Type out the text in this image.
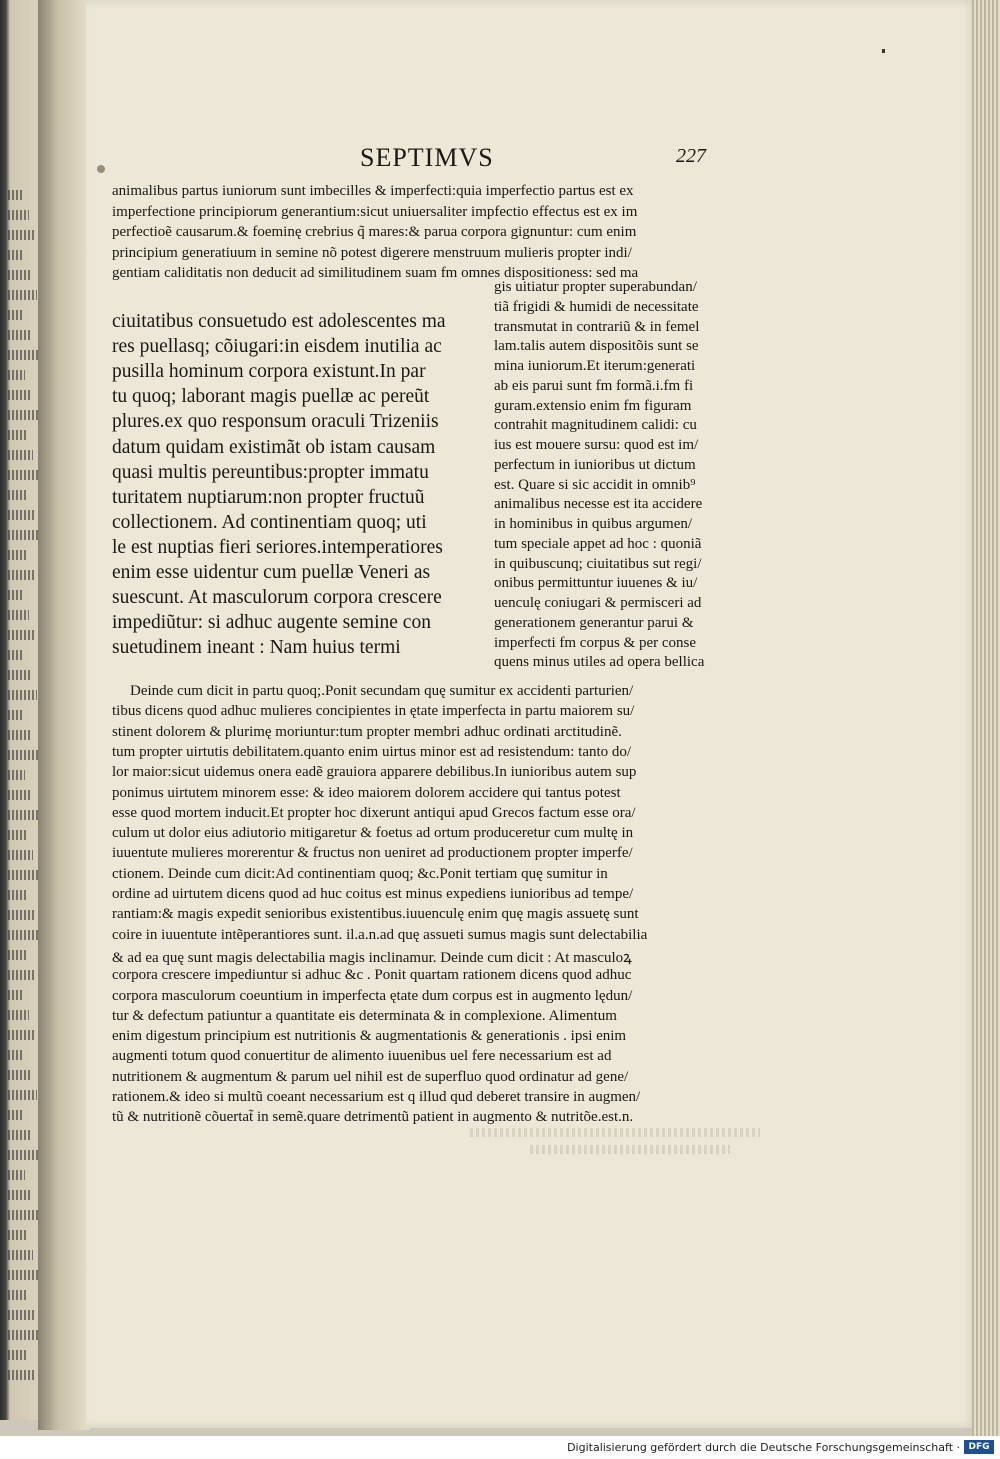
SEPTIMVS	227
animalibus partus iuniorum sunt imbecilles & imperfecti:quia imperfectio partus est ex
imperfectione principiorum generantium:sicut uniuersaliter impfectio effectus est ex im
perfectioẽ causarum.& foeminę crebrius q̃ mares:& parua corpora gignuntur: cum enim
principium generatiuum in semine nõ potest digerere menstruum mulieris propter indi/
gentiam caliditatis non deducit ad similitudinem suam fm omnes dispositioness: sed ma
ciuitatibus consuetudo est adolescentes ma
res puellasq; cõiugari:in eisdem inutilia ac
pusilla hominum corpora existunt.In par
tu quoq; laborant magis puellæ ac pereũt
plures.ex quo responsum oraculi Trizeniis
datum quidam existimãt ob istam causam
quasi multis pereuntibus:propter immatu
turitatem nuptiarum:non propter fructuũ
collectionem. Ad continentiam quoq; uti
le est nuptias fieri seriores.intemperatiores
enim esse uidentur cum puellæ Veneri as
suescunt. At masculorum corpora crescere
impediũtur: si adhuc augente semine con
suetudinem ineant : Nam huius termi
gis uitiatur propter superabundan/
tiã frigidi & humidi de necessitate
transmutat in contrariũ & in femel
lam.talis autem dispositõis sunt se
mina iuniorum.Et iterum:generati
ab eis parui sunt fm formã.i.fm fi
guram.extensio enim fm figuram
contrahit magnitudinem calidi: cu
ius est mouere sursu: quod est im/
perfectum in iunioribus ut dictum
est. Quare si sic accidit in omnib⁹
animalibus necesse est ita accidere
in hominibus in quibus argumen/
tum speciale appet ad hoc : quoniã
in quibuscunq; ciuitatibus sut regi/
onibus permittuntur iuuenes & iu/
uenculę coniugari & permisceri ad
generationem generantur parui &
imperfecti fm corpus & per conse
quens minus utiles ad opera bellica
Deinde cum dicit in partu quoq;.Ponit secundam quę sumitur ex accidenti parturien/
tibus dicens quod adhuc mulieres concipientes in ętate imperfecta in partu maiorem su/
stinent dolorem & plurimę moriuntur:tum propter membri adhuc ordinati arctitudinẽ.
tum propter uirtutis debilitatem.quanto enim uirtus minor est ad resistendum: tanto do/
lor maior:sicut uidemus onera eadẽ grauiora apparere debilibus.In iunioribus autem sup
ponimus uirtutem minorem esse: & ideo maiorem dolorem accidere qui tantus potest
esse quod mortem inducit.Et propter hoc dixerunt antiqui apud Grecos factum esse ora/
culum ut dolor eius adiutorio mitigaretur & foetus ad ortum produceretur cum multę in
iuuentute mulieres morerentur & fructus non ueniret ad productionem propter imperfe/
ctionem. Deinde cum dicit:Ad continentiam quoq; &c.Ponit tertiam quę sumitur in
ordine ad uirtutem dicens quod ad huc coitus est minus expediens iunioribus ad tempe/
rantiam:& magis expedit senioribus existentibus.iuuenculę enim quę magis assuetę sunt
coire in iuuentute intẽperantiores sunt. il.a.n.ad quę assueti sumus magis sunt delectabilia
& ad ea quę sunt magis delectabilia magis inclinamur. Deinde cum dicit : At masculoꝝ
corpora crescere impediuntur si adhuc &c . Ponit quartam rationem dicens quod adhuc
corpora masculorum coeuntium in imperfecta ętate dum corpus est in augmento lędun/
tur & defectum patiuntur a quantitate eis determinata & in complexione. Alimentum
enim digestum principium est nutritionis & augmentationis & generationis . ipsi enim
augmenti totum quod conuertitur de alimento iuuenibus uel fere necessarium est ad
nutritionem & augmentum & parum uel nihil est de superfluo quod ordinatur ad gene/
rationem.& ideo si multũ coeant necessarium est q illud qud deberet transire in augmen/
tũ & nutritionẽ cõuertat̃ in semẽ.quare detrimentũ patient in augmento & nutritõe.est.n.
Digitalisierung gefördert durch die Deutsche Forschungsgemeinschaft · DFG
